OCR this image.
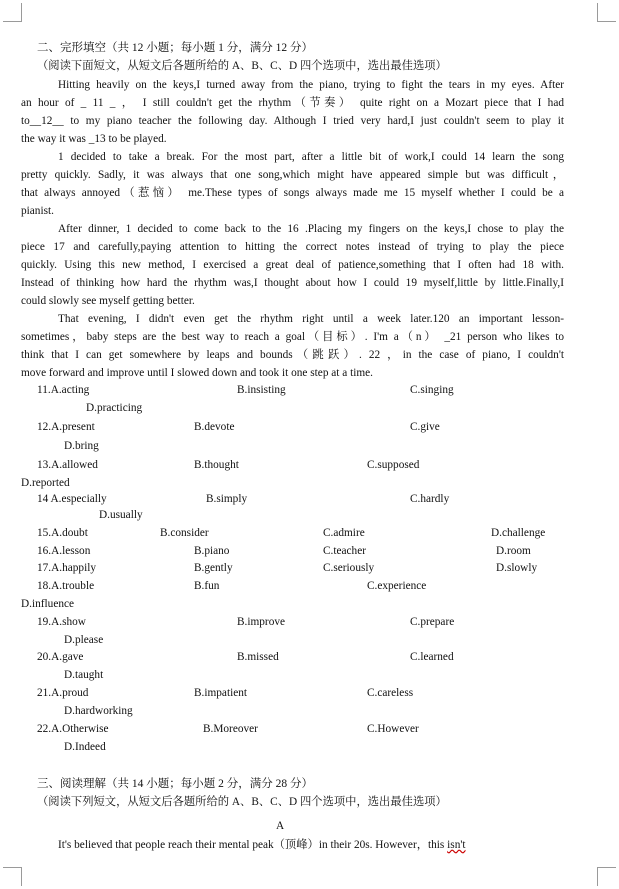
二、完形填空（共 12 小题；每小题 1 分，满分 12 分）
（阅读下面短文，从短文后各题所给的 A、B、C、D 四个选项中，选出最佳选项）
Hitting heavily on the keys,I turned away from the piano, trying to fight the tears in my eyes. After
an hour of _ 11 _ ， I still couldn't get the rhythm（节奏） quite right on a Mozart piece that I had
to__12__ to my piano teacher the following day. Although I tried very hard,I just couldn't seem to play it
the way it was _13 to be played.
1 decided to take a break. For the most part, after a little bit of work,I could 14 learn the song
pretty quickly. Sadly, it was always that one song,which might have appeared simple but was difficult，
that always annoyed（惹恼） me.These types of songs always made me 15 myself whether I could be a
pianist.
After dinner, 1 decided to come back to the 16 .Placing my fingers on the keys,I chose to play the
piece 17 and carefully,paying attention to hitting the correct notes instead of trying to play the piece
quickly. Using this new method, I exercised a great deal of patience,something that I often had 18 with.
Instead of thinking how hard the rhythm was,I thought about how I could 19 myself,little by little.Finally,I
could slowly see myself getting better.
That evening, I didn't even get the rhythm right until a week later.120 an important lesson-
sometimes，baby steps are the best way to reach a goal（目标）. I'm a（n） _21 person who likes to
think that I can get somewhere by leaps and bounds（跳跃）. 22 ，in the case of piano, I couldn't
move forward and improve until I slowed down and took it one step at a time.
11.A.acting	B.insisting	C.singing
D.practicing
12.A.present	B.devote	C.give
D.bring
13.A.allowed	B.thought	C.supposed
D.reported
14 A.especially	B.simply	C.hardly
D.usually
15.A.doubt	B.consider	C.admire	D.challenge
16.A.lesson	B.piano	C.teacher	D.room
17.A.happily	B.gently	C.seriously	D.slowly
18.A.trouble	B.fun	C.experience
D.influence
19.A.show	B.improve	C.prepare
D.please
20.A.gave	B.missed	C.learned
D.taught
21.A.proud	B.impatient	C.careless
D.hardworking
22.A.Otherwise	B.Moreover	C.However
D.Indeed
三、阅读理解（共 14 小题；每小题 2 分，满分 28 分）
（阅读下列短文，从短文后各题所给的 A、B、C、D 四个选项中，选出最佳选项）
A
It's believed that people reach their mental peak（顶峰）in their 20s. However，this isn't
